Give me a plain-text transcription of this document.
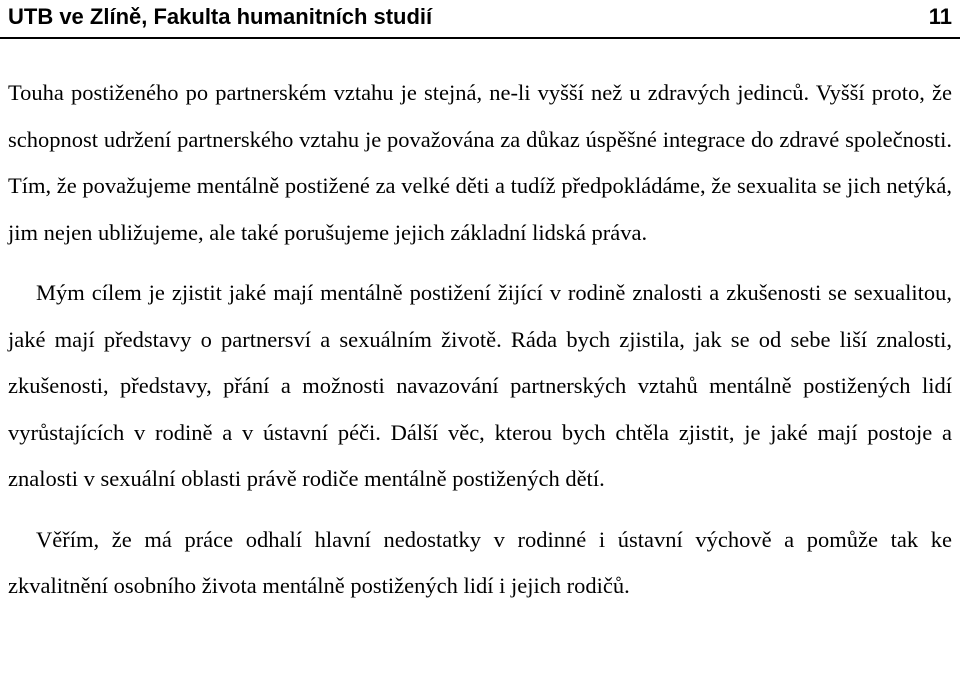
UTB ve Zlíně, Fakulta humanitních studií	11

Touha postiženého po partnerském vztahu je stejná, ne-li vyšší než u zdravých jedinců. Vyšší proto, že schopnost udržení partnerského vztahu je považována za důkaz úspěšné integrace do zdravé společnosti. Tím, že považujeme mentálně postižené za velké děti a tudíž předpokládáme, že sexualita se jich netýká, jim nejen ubližujeme, ale také porušujeme jejich základní lidská práva.

Mým cílem je zjistit jaké mají mentálně postižení žijící v rodině znalosti a zkušenosti se sexualitou, jaké mají představy o partnersví a sexuálním životě. Ráda bych zjistila, jak se od sebe liší znalosti, zkušenosti, představy, přání a možnosti navazování partnerských vztahů mentálně postižených lidí vyrůstajících v rodině a v ústavní péči. Dálší věc, kterou bych chtěla zjistit, je jaké mají postoje a znalosti v sexuální oblasti právě rodiče mentálně postižených dětí.

Věřím, že má práce odhalí hlavní nedostatky v rodinné i ústavní výchově a pomůže tak ke zkvalitnění osobního života mentálně postižených lidí i jejich rodičů.
